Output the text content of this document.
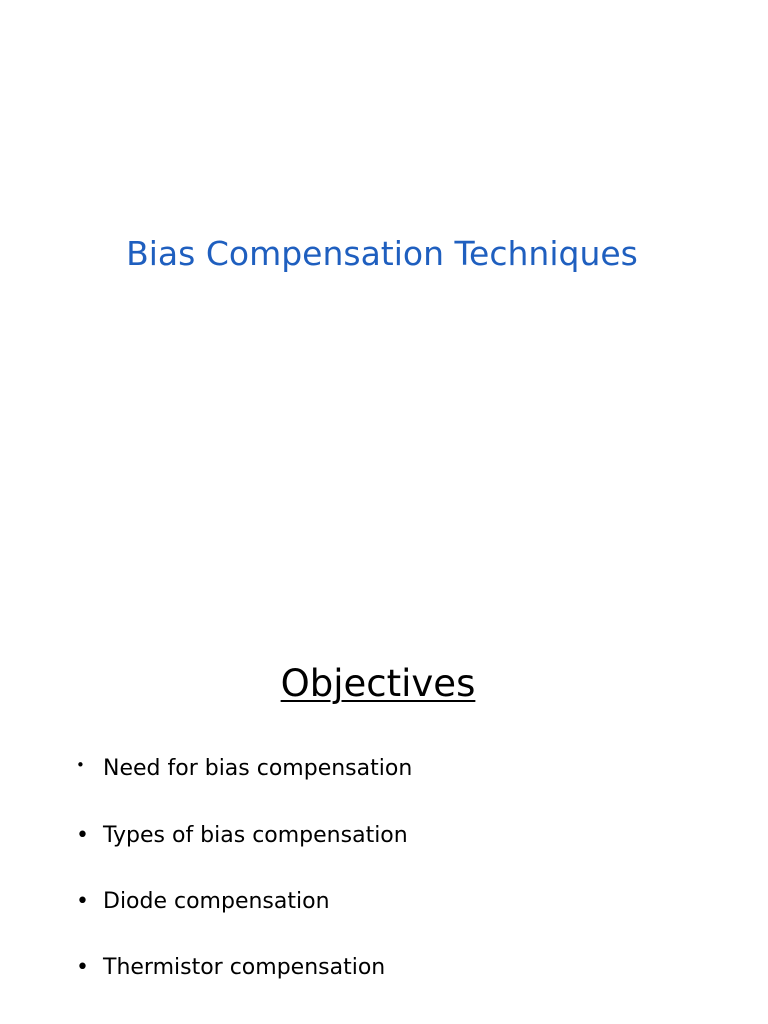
Bias Compensation Techniques
Objectives
• Need for bias compensation
• Types of bias compensation
• Diode compensation
• Thermistor compensation
